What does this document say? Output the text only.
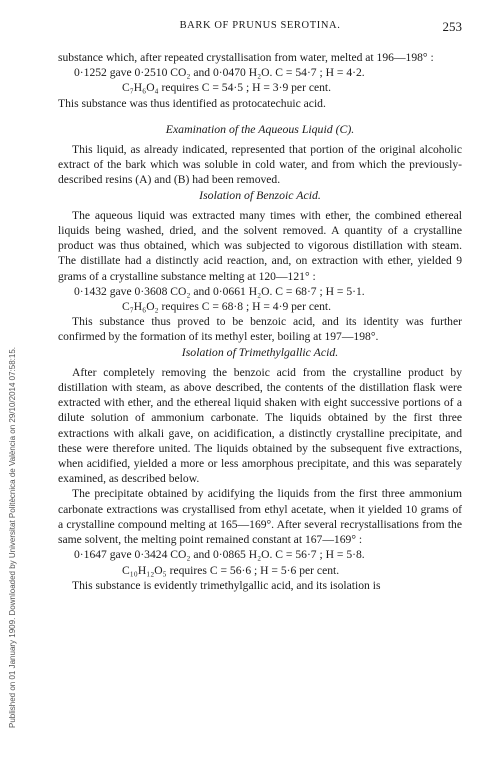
Published on 01 January 1909. Downloaded by Universitat Politècnica de València on 29/10/2014 07:58:15.
BARK OF PRUNUS SEROTINA.	253

substance which, after repeated crystallisation from water, melted at 196—198° :

0·1252 gave 0·2510 CO₂ and 0·0470 H₂O. C = 54·7 ; H = 4·2.

C₇H₆O₄ requires C = 54·5 ; H = 3·9 per cent.

This substance was thus identified as protocatechuic acid.

Examination of the Aqueous Liquid (C).

This liquid, as already indicated, represented that portion of the original alcoholic extract of the bark which was soluble in cold water, and from which the previously-described resins (A) and (B) had been removed.

Isolation of Benzoic Acid.

The aqueous liquid was extracted many times with ether, the combined ethereal liquids being washed, dried, and the solvent removed. A quantity of a crystalline product was thus obtained, which was subjected to vigorous distillation with steam. The distillate had a distinctly acid reaction, and, on extraction with ether, yielded 9 grams of a crystalline substance melting at 120—121° :

0·1432 gave 0·3608 CO₂ and 0·0661 H₂O. C = 68·7 ; H = 5·1.

C₇H₆O₂ requires C = 68·8 ; H = 4·9 per cent.

This substance thus proved to be benzoic acid, and its identity was further confirmed by the formation of its methyl ester, boiling at 197—198°.

Isolation of Trimethylgallic Acid.

After completely removing the benzoic acid from the crystalline product by distillation with steam, as above described, the contents of the distillation flask were extracted with ether, and the ethereal liquid shaken with eight successive portions of a dilute solution of ammonium carbonate. The liquids obtained by the first three extractions with alkali gave, on acidification, a distinctly crystalline precipitate, and these were therefore united. The liquids obtained by the subsequent five extractions, when acidified, yielded a more or less amorphous precipitate, and this was separately examined, as described below.

The precipitate obtained by acidifying the liquids from the first three ammonium carbonate extractions was crystallised from ethyl acetate, when it yielded 10 grams of a crystalline compound melting at 165—169°. After several recrystallisations from the same solvent, the melting point remained constant at 167—169° :

0·1647 gave 0·3424 CO₂ and 0·0865 H₂O. C = 56·7 ; H = 5·8.

C₁₀H₁₂O₅ requires C = 56·6 ; H = 5·6 per cent.

This substance is evidently trimethylgallic acid, and its isolation is
